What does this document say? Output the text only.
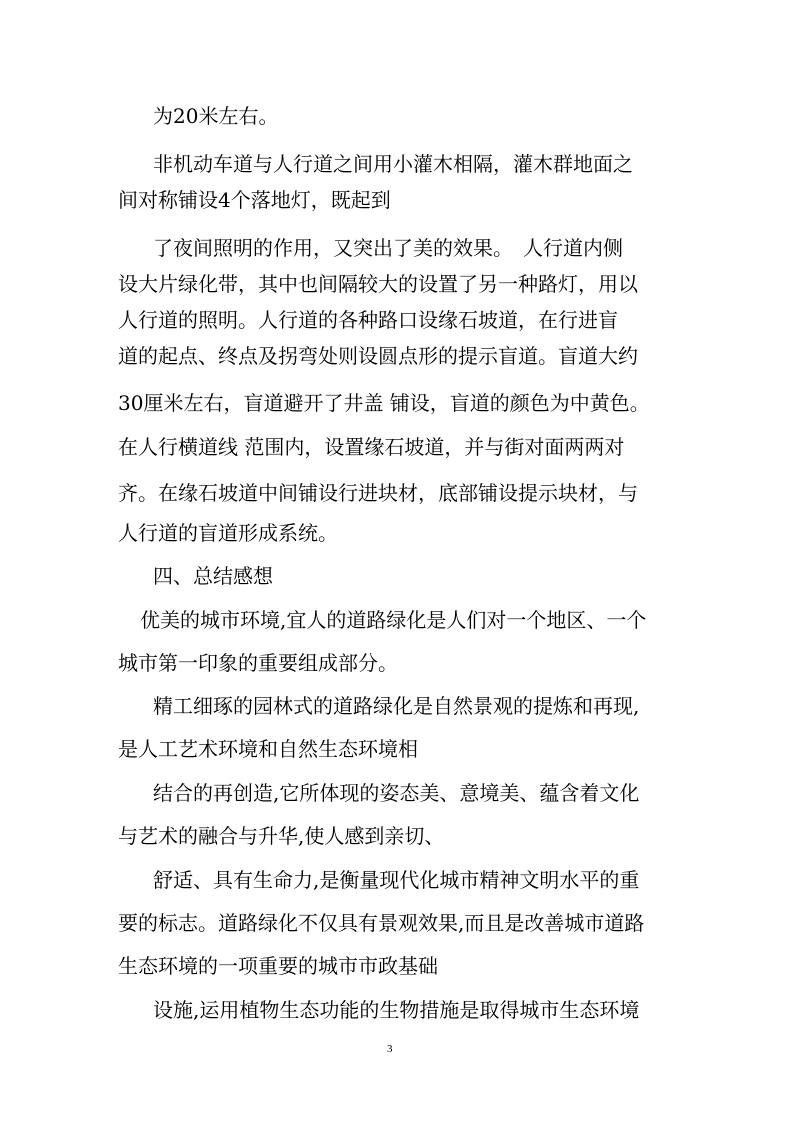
为20米左右。
非机动车道与人行道之间用小灌木相隔，灌木群地面之
间对称铺设4个落地灯，既起到
了夜间照明的作用，又突出了美的效果。　人行道内侧
设大片绿化带，其中也间隔较大的设置了另一种路灯，用以
人行道的照明。人行道的各种路口设缘石坡道，在行进盲
道的起点、终点及拐弯处则设圆点形的提示盲道。盲道大约
30厘米左右，盲道避开了井盖 铺设，盲道的颜色为中黄色。
在人行横道线 范围内，设置缘石坡道，并与街对面两两对
齐。在缘石坡道中间铺设行进块材，底部铺设提示块材，与
人行道的盲道形成系统。
四、总结感想
优美的城市环境,宜人的道路绿化是人们对一个地区、一个
城市第一印象的重要组成部分。
精工细琢的园林式的道路绿化是自然景观的提炼和再现,
是人工艺术环境和自然生态环境相
结合的再创造,它所体现的姿态美、意境美、蕴含着文化
与艺术的融合与升华,使人感到亲切、
舒适、具有生命力,是衡量现代化城市精神文明水平的重
要的标志。道路绿化不仅具有景观效果,而且是改善城市道路
生态环境的一项重要的城市市政基础
设施,运用植物生态功能的生物措施是取得城市生态环境
3
